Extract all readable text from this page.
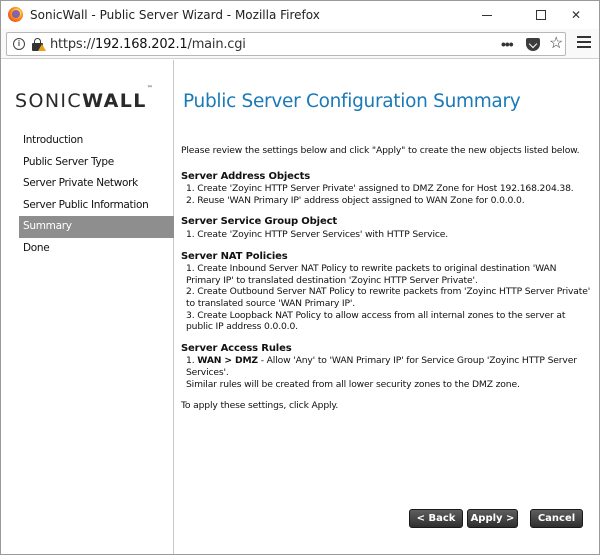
SonicWall - Public Server Wizard - Mozilla Firefox	✕
i	https://192.168.202.1/main.cgi	••• ☆
SONICWALL™
Introduction
Public Server Type
Server Private Network
Server Public Information
Summary
Done
Public Server Configuration Summary
Please review the settings below and click "Apply" to create the new objects listed below.
Server Address Objects
1. Create 'Zoyinc HTTP Server Private' assigned to DMZ Zone for Host 192.168.204.38.
2. Reuse 'WAN Primary IP' address object assigned to WAN Zone for 0.0.0.0.
Server Service Group Object
1. Create 'Zoyinc HTTP Server Services' with HTTP Service.
Server NAT Policies
1. Create Inbound Server NAT Policy to rewrite packets to original destination 'WAN Primary IP' to translated destination 'Zoyinc HTTP Server Private'.
2. Create Outbound Server NAT Policy to rewrite packets from 'Zoyinc HTTP Server Private' to translated source 'WAN Primary IP'.
3. Create Loopback NAT Policy to allow access from all internal zones to the server at public IP address 0.0.0.0.
Server Access Rules
1. WAN > DMZ - Allow 'Any' to 'WAN Primary IP' for Service Group 'Zoyinc HTTP Server Services'.
Similar rules will be created from all lower security zones to the DMZ zone.
To apply these settings, click Apply.
< Back	Apply >	Cancel
